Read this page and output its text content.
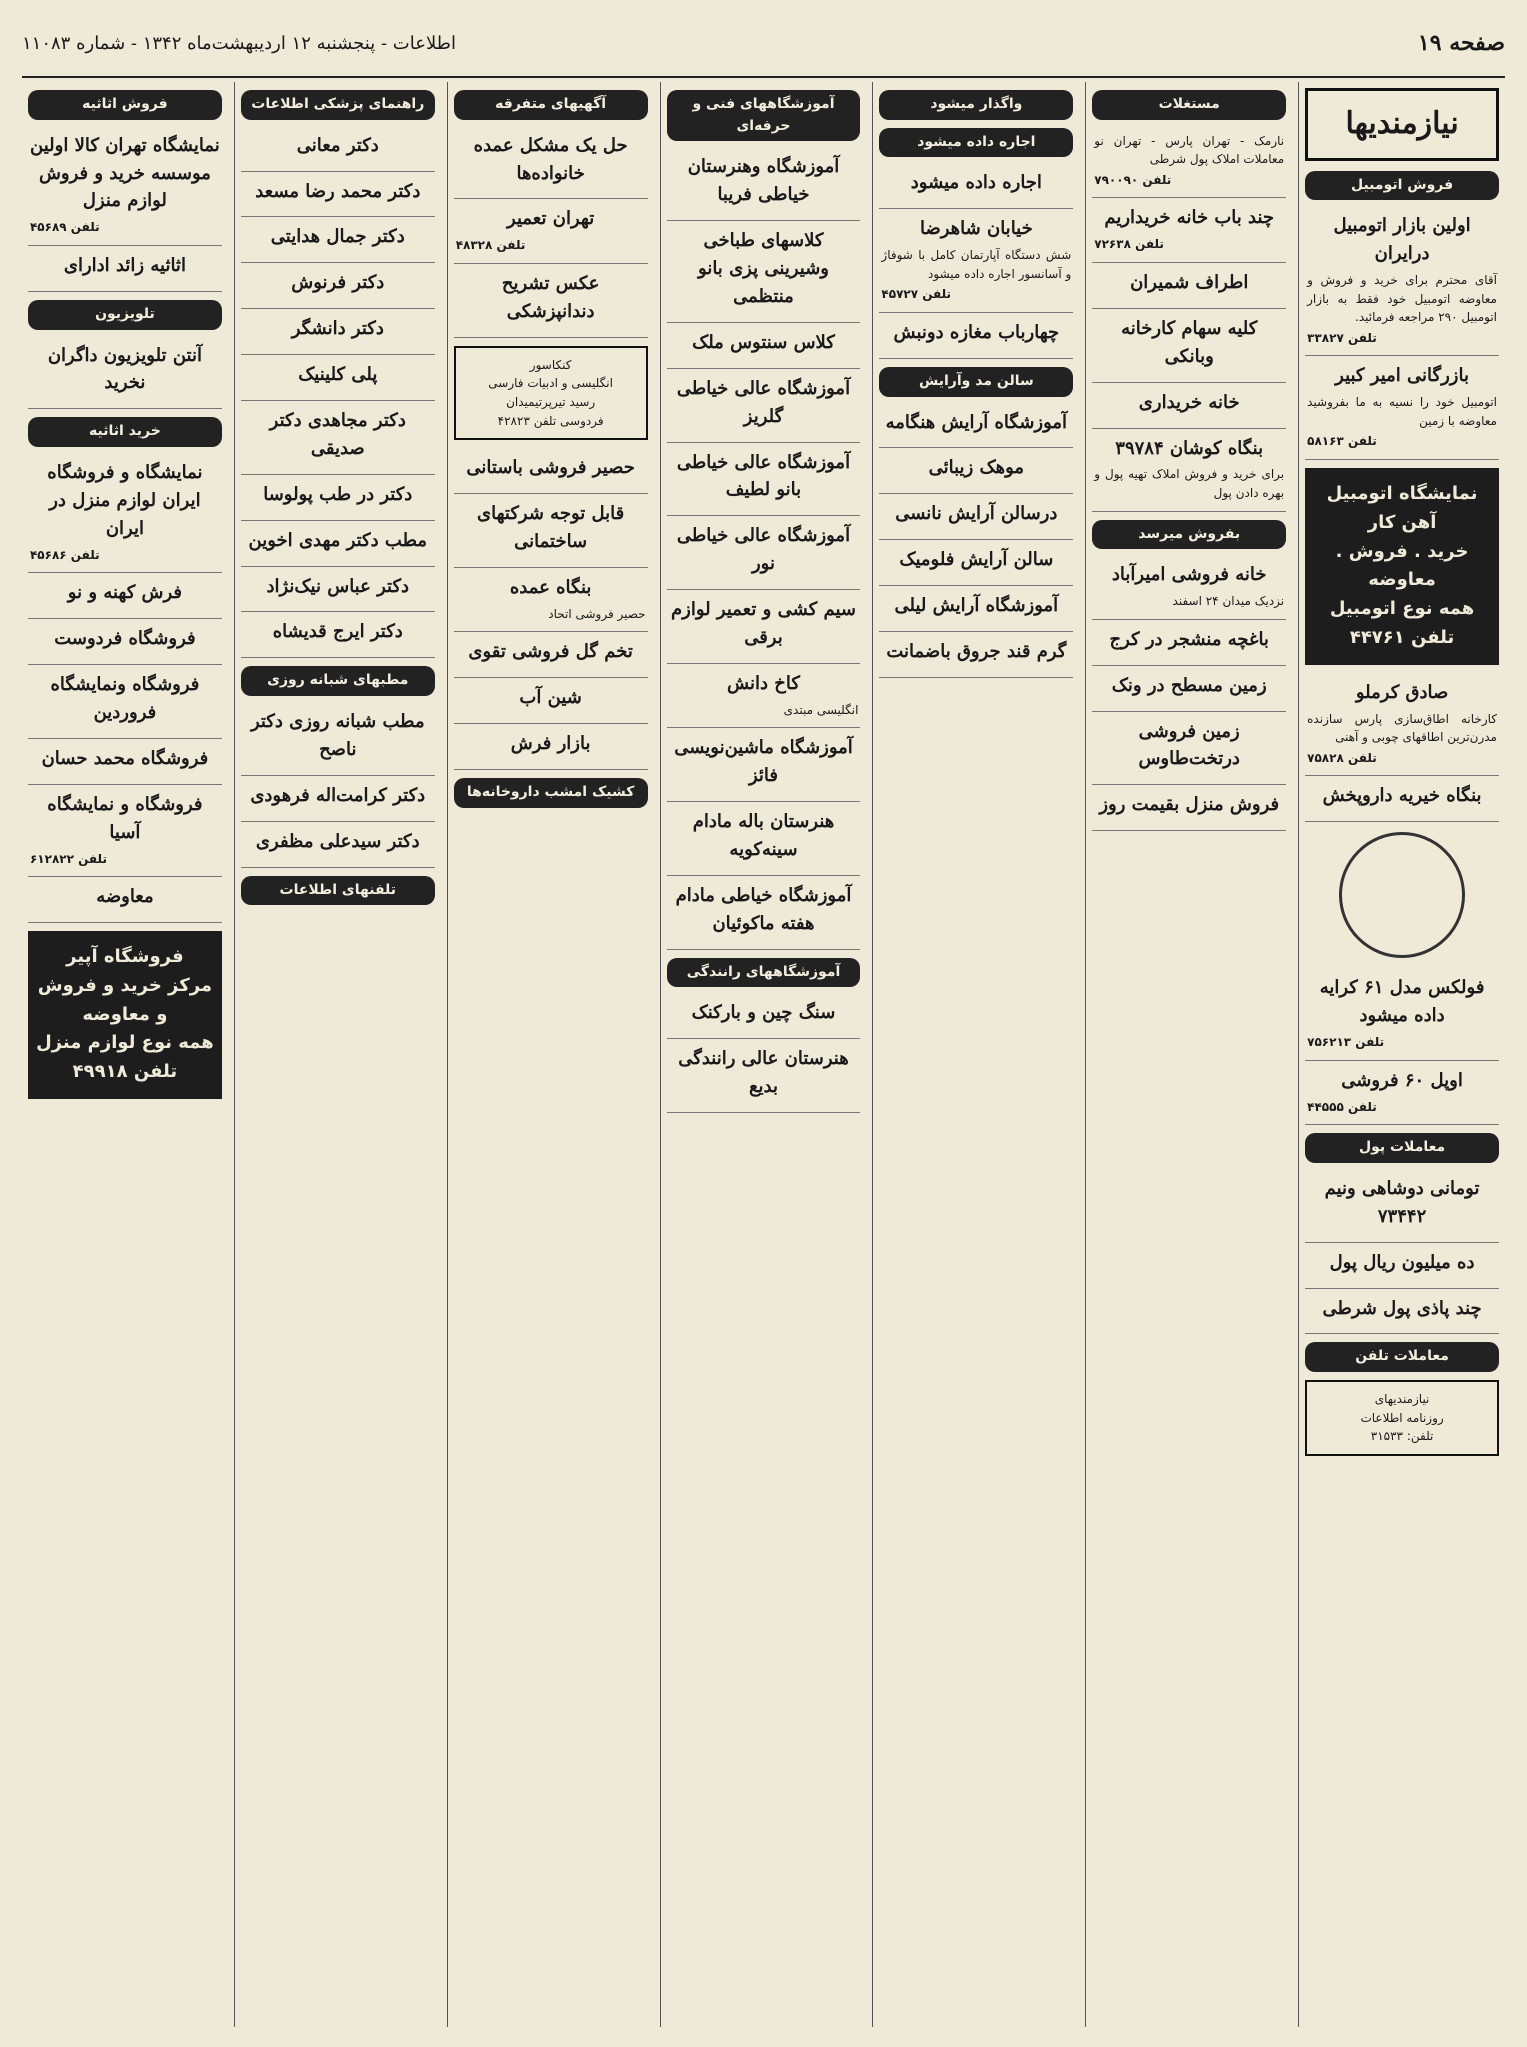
صفحه ۱۹
اطلاعات - پنجشنبه ۱۲ اردیبهشت‌ماه ۱۳۴۲ - شماره ۱۱۰۸۳
نیازمندیها
فروش اتومبیل
اولین بازار اتومبیل درایران
آقای محترم برای خرید و فروش و معاوضه اتومبیل خود فقط به بازار اتومبیل ۲۹۰ مراجعه فرمائید.
تلفن ۳۳۸۲۷
بازرگانی امیر کبیر
اتومبیل خود را نسیه به ما بفروشید معاوضه با زمین
تلفن ۵۸۱۶۳
نمایشگاه اتومبیل آهن کار
خرید . فروش . معاوضه
همه نوع اتومبیل
تلفن ۴۴۷۶۱
صادق کرملو
کارخانه اطاق‌سازی پارس سازنده مدرن‌ترین اطاقهای چوبی و آهنی
تلفن ۷۵۸۲۸
بنگاه خیریه داروپخش
فولکس مدل ۶۱ کرایه داده میشود
تلفن ۷۵۶۲۱۳
اوپل ۶۰ فروشی
تلفن ۴۴۵۵۵
معاملات پول
تومانی دوشاهی ونیم ۷۳۴۴۲
ده میلیون ریال پول
چند پاذی پول شرطی
معاملات تلفن
نیازمندیهای
روزنامه اطلاعات
تلفن: ۳۱۵۳۳
مستغلات
نارمک - تهران پارس - تهران نو معاملات املاک پول شرطی
تلفن ۷۹۰۰۹۰
چند باب خانه خریداریم
تلفن ۷۲۶۳۸
اطراف شمیران
کلیه سهام کارخانه وبانکی
خانه خریداری
بنگاه کوشان ۳۹۷۸۴
برای خرید و فروش املاک تهیه پول و بهره دادن پول
بفروش میرسد
خانه فروشی امیرآباد
نزدیک میدان ۲۴ اسفند
باغچه منشجر در کرج
زمین مسطح در ونک
زمین فروشی درتخت‌طاوس
فروش منزل بقیمت روز
واگذار میشود
اجاره داده میشود
اجاره داده میشود
خیابان شاهرضا
شش دستگاه آپارتمان کامل با شوفاژ و آسانسور اجاره داده میشود
تلفن ۴۵۷۲۷
چهارباب مغازه دونبش
سالن مد وآرایش
آموزشگاه آرایش هنگامه
موهک زیبائی
درسالن آرایش نانسی
سالن آرایش فلومیک
آموزشگاه آرایش لیلی
گرم قند جروق باضمانت
آموزشگاههای فنی و حرفه‌ای
آموزشگاه وهنرستان خیاطی فریبا
کلاسهای طباخی وشیرینی پزی بانو منتظمی
کلاس سنتوس ملک
آموزشگاه عالی خیاطی گلریز
آموزشگاه عالی خیاطی بانو لطیف
آموزشگاه عالی خیاطی نور
سیم کشی و تعمیر لوازم برقی
کاخ دانش
انگلیسی مبتدی
آموزشگاه ماشین‌نویسی فائز
هنرستان باله مادام سینه‌کویه
آموزشگاه خیاطی مادام هفته ماکوئیان
آموزشگاههای رانندگی
سنگ چین و بارکنک
هنرستان عالی رانندگی بدیع
آگهیهای متفرقه
حل یک مشکل عمده خانواده‌ها
تهران تعمیر
تلفن ۴۸۳۲۸
عکس تشریح دندانپزشکی
کنکاسور
انگلیسی و ادبیات فارسی
رسید تیرپرتیمیدان
فردوسی تلفن ۴۲۸۲۳
حصیر فروشی باستانی
قابل توجه شرکتهای ساختمانی
بنگاه عمده
حصیر فروشی اتحاد
تخم گل فروشی تقوی
شین آب
بازار فرش
کشیک امشب داروخانه‌ها
راهنمای پزشکی اطلاعات
دکتر معانی
دکتر محمد رضا مسعد
دکتر جمال هدایتی
دکتر فرنوش
دکتر دانشگر
پلی کلینیک
دکتر مجاهدی دکتر صدیقی
دکتر در طب پولوسا
مطب دکتر مهدی اخوین
دکتر عباس نیک‌نژاد
دکتر ایرج قدیشاه
مطبهای شبانه روزی
مطب شبانه روزی دکتر ناصح
دکتر کرامت‌اله فرهودی
دکتر سیدعلی مظفری
تلفنهای اطلاعات
فروش اثاثیه
نمایشگاه تهران کالا اولین موسسه خرید و فروش لوازم منزل
تلفن ۴۵۶۸۹
اثاثیه زائد ادارای
تلویزیون
آنتن تلویزیون داگران نخرید
خرید اثاثیه
نمایشگاه و فروشگاه ایران لوازم منزل در ایران
تلفن ۴۵۶۸۶
فرش کهنه و نو
فروشگاه فردوست
فروشگاه ونمایشگاه فروردین
فروشگاه محمد حسان
فروشگاه و نمایشگاه آسیا
تلفن ۶۱۲۸۲۲
معاوضه
فروشگاه آپیر
مرکز خرید و فروش و معاوضه
همه نوع لوازم منزل
تلفن ۴۹۹۱۸
